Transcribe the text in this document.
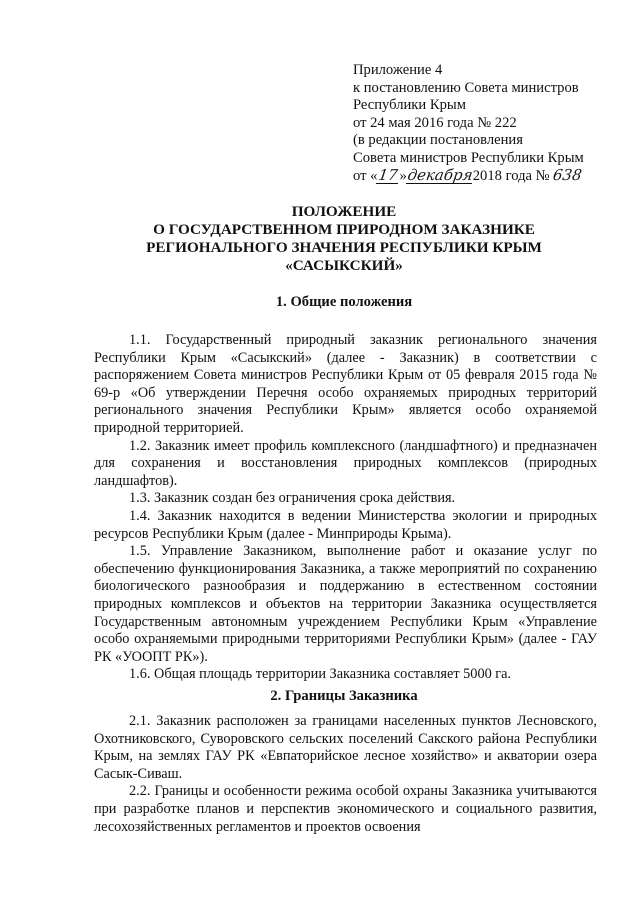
Приложение 4
к постановлению Совета министров
Республики Крым
от 24 мая 2016 года № 222
(в редакции постановления
Совета министров Республики Крым
от «17»декабря2018 года № 638
ПОЛОЖЕНИЕ
О ГОСУДАРСТВЕННОМ ПРИРОДНОМ ЗАКАЗНИКЕ
РЕГИОНАЛЬНОГО ЗНАЧЕНИЯ РЕСПУБЛИКИ КРЫМ
«САСЫКСКИЙ»
1. Общие положения

1.1. Государственный природный заказник регионального значения Республики Крым «Сасыкский» (далее - Заказник) в соответствии с распоряжением Совета министров Республики Крым от 05 февраля 2015 года № 69-р «Об утверждении Перечня особо охраняемых природных территорий регионального значения Республики Крым» является особо охраняемой природной территорией.

1.2. Заказник имеет профиль комплексного (ландшафтного) и предназначен для сохранения и восстановления природных комплексов (природных ландшафтов).

1.3. Заказник создан без ограничения срока действия.

1.4. Заказник находится в ведении Министерства экологии и природных ресурсов Республики Крым (далее - Минприроды Крыма).

1.5. Управление Заказником, выполнение работ и оказание услуг по обеспечению функционирования Заказника, а также мероприятий по сохранению биологического разнообразия и поддержанию в естественном состоянии природных комплексов и объектов на территории Заказника осуществляется Государственным автономным учреждением Республики Крым «Управление особо охраняемыми природными территориями Республики Крым» (далее - ГАУ РК «УООПТ РК»).

1.6. Общая площадь территории Заказника составляет 5000 га.

2. Границы Заказника

2.1. Заказник расположен за границами населенных пунктов Лесновского, Охотниковского, Суворовского сельских поселений Сакского района Республики Крым, на землях ГАУ РК «Евпаторийское лесное хозяйство» и акватории озера Сасык-Сиваш.

2.2. Границы и особенности режима особой охраны Заказника учитываются при разработке планов и перспектив экономического и социального развития, лесохозяйственных регламентов и проектов освоения
